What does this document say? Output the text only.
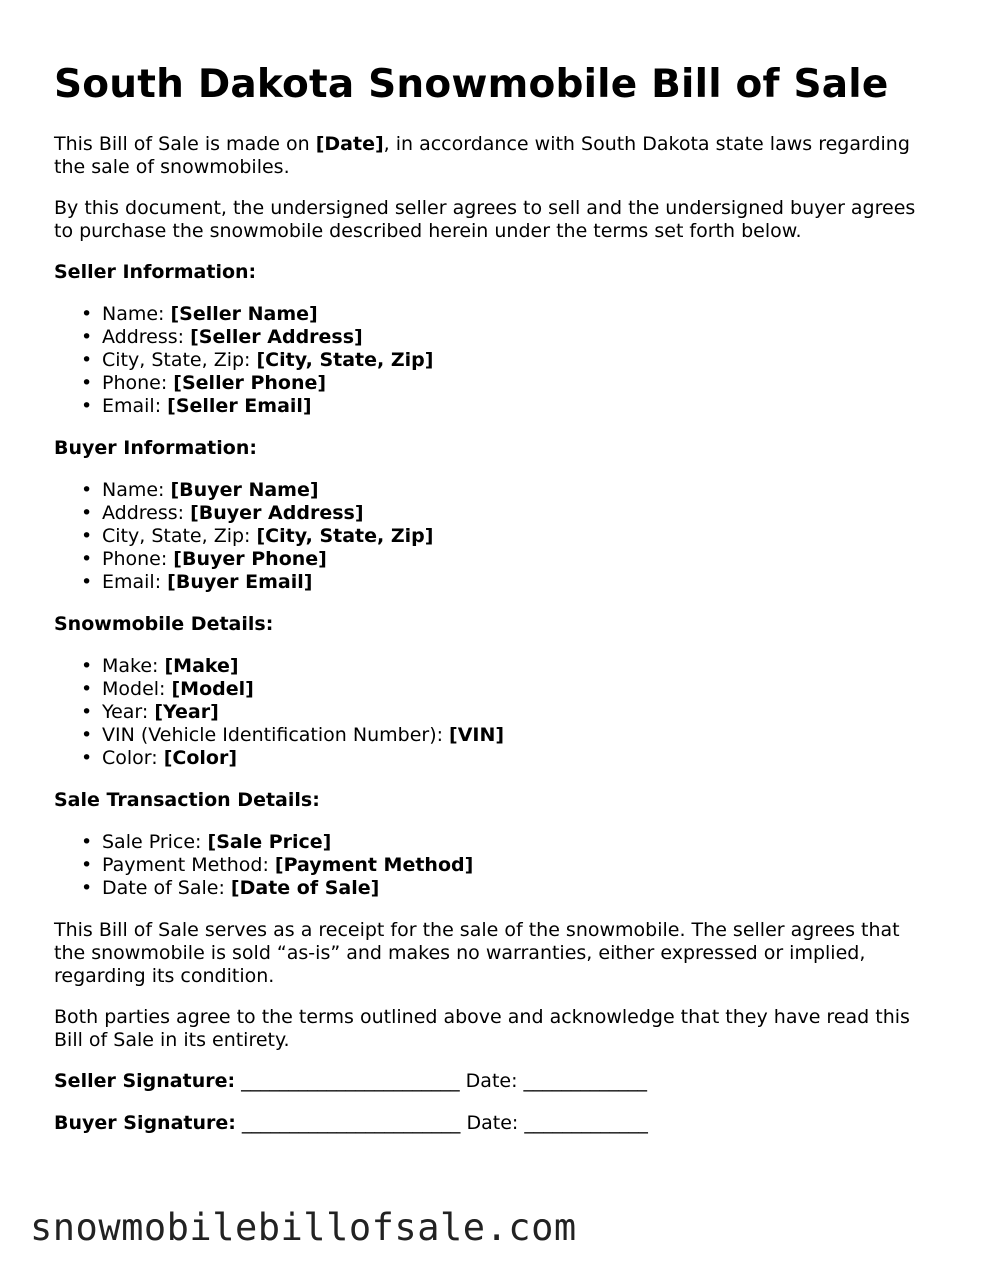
South Dakota Snowmobile Bill of Sale

This Bill of Sale is made on [Date], in accordance with South Dakota state laws regarding the sale of snowmobiles.

By this document, the undersigned seller agrees to sell and the undersigned buyer agrees to purchase the snowmobile described herein under the terms set forth below.

Seller Information:
• Name: [Seller Name]
• Address: [Seller Address]
• City, State, Zip: [City, State, Zip]
• Phone: [Seller Phone]
• Email: [Seller Email]
Buyer Information:
• Name: [Buyer Name]
• Address: [Buyer Address]
• City, State, Zip: [City, State, Zip]
• Phone: [Buyer Phone]
• Email: [Buyer Email]
Snowmobile Details:
• Make: [Make]
• Model: [Model]
• Year: [Year]
• VIN (Vehicle Identification Number): [VIN]
• Color: [Color]
Sale Transaction Details:
• Sale Price: [Sale Price]
• Payment Method: [Payment Method]
• Date of Sale: [Date of Sale]

This Bill of Sale serves as a receipt for the sale of the snowmobile. The seller agrees that the snowmobile is sold “as-is” and makes no warranties, either expressed or implied, regarding its condition.

Both parties agree to the terms outlined above and acknowledge that they have read this Bill of Sale in its entirety.

Seller Signature: _______________________ Date: _____________
Buyer Signature: _______________________ Date: _____________
snowmobilebillofsale.com
